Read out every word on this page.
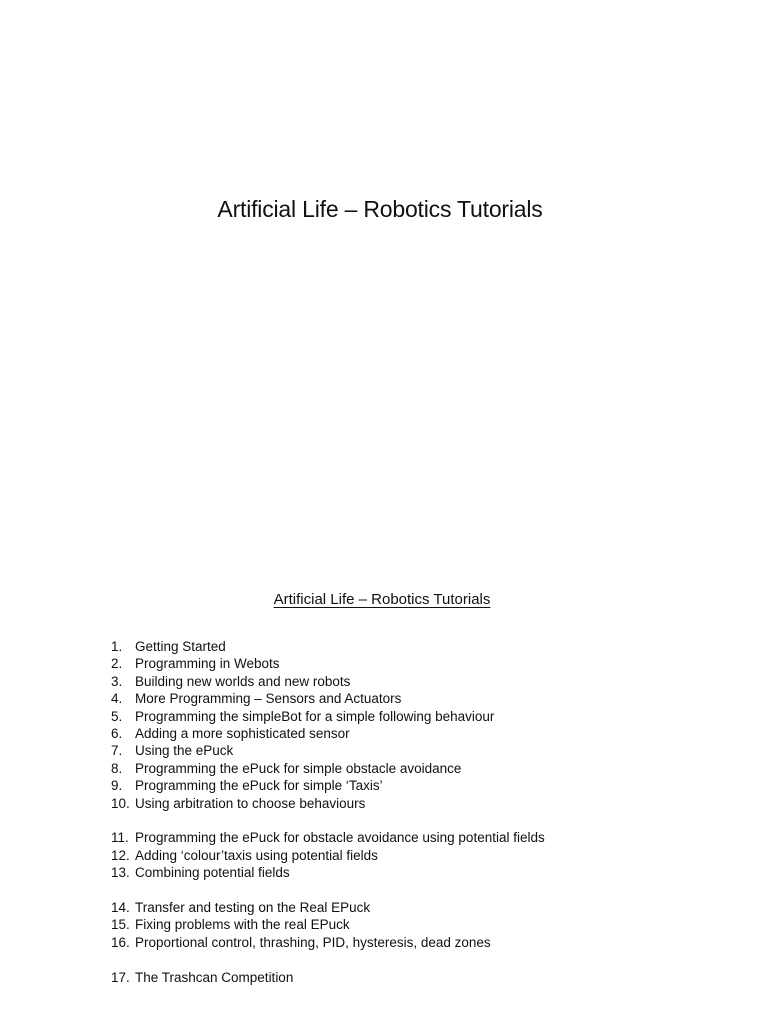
Artificial Life – Robotics Tutorials
Artificial Life – Robotics Tutorials
1. Getting Started
2. Programming in Webots
3. Building new worlds and new robots
4. More Programming – Sensors and Actuators
5. Programming the simpleBot for a simple following behaviour
6. Adding a more sophisticated sensor
7. Using the ePuck
8. Programming the ePuck for simple obstacle avoidance
9. Programming the ePuck for simple ‘Taxis’
10. Using arbitration to choose behaviours
11. Programming the ePuck for obstacle avoidance using potential fields
12. Adding ‘colour’taxis using potential fields
13. Combining potential fields
14. Transfer and testing on the Real EPuck
15. Fixing problems with the real EPuck
16. Proportional control, thrashing, PID, hysteresis, dead zones
17. The Trashcan Competition
